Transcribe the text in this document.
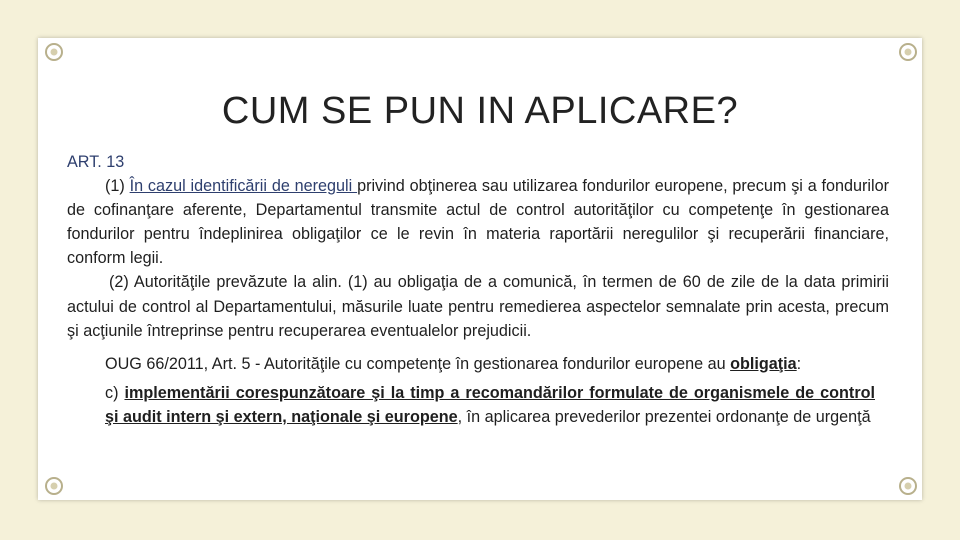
CUM SE PUN IN APLICARE?

ART. 13

(1) În cazul identificării de nereguli privind obţinerea sau utilizarea fondurilor europene, precum şi a fondurilor de cofinanţare aferente, Departamentul transmite actul de control autorităţilor cu competenţe în gestionarea fondurilor pentru îndeplinirea obligaţilor ce le revin în materia raportării neregulilor şi recuperării financiare, conform legii.

(2) Autorităţile prevăzute la alin. (1) au obligaţia de a comunică, în termen de 60 de zile de la data primirii actului de control al Departamentului, măsurile luate pentru remedierea aspectelor semnalate prin acesta, precum şi acţiunile întreprinse pentru recuperarea eventualelor prejudicii.

OUG 66/2011, Art. 5 - Autorităţile cu competenţe în gestionarea fondurilor europene au obligaţia:

c) implementării corespunzătoare şi la timp a recomandărilor formulate de organismele de control şi audit intern şi extern, naţionale şi europene, în aplicarea prevederilor prezentei ordonanţe de urgenţă
